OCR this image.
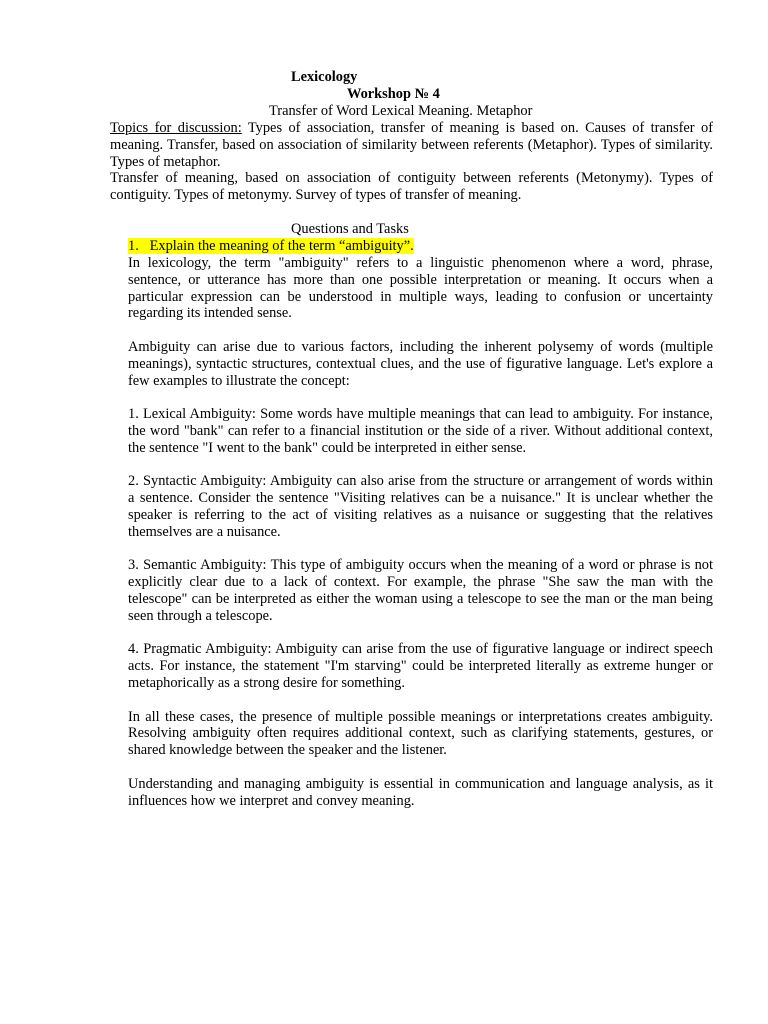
Lexicology
Workshop № 4
Transfer of Word Lexical Meaning. Metaphor

Topics for discussion: Types of association, transfer of meaning is based on. Causes of transfer of meaning. Transfer, based on association of similarity between referents (Metaphor). Types of similarity. Types of metaphor.

Transfer of meaning, based on association of contiguity between referents (Metonymy). Types of contiguity. Types of metonymy. Survey of types of transfer of meaning.

Questions and Tasks
1. Explain the meaning of the term “ambiguity”.

In lexicology, the term "ambiguity" refers to a linguistic phenomenon where a word, phrase, sentence, or utterance has more than one possible interpretation or meaning. It occurs when a particular expression can be understood in multiple ways, leading to confusion or uncertainty regarding its intended sense.

Ambiguity can arise due to various factors, including the inherent polysemy of words (multiple meanings), syntactic structures, contextual clues, and the use of figurative language. Let's explore a few examples to illustrate the concept:

1. Lexical Ambiguity: Some words have multiple meanings that can lead to ambiguity. For instance, the word "bank" can refer to a financial institution or the side of a river. Without additional context, the sentence "I went to the bank" could be interpreted in either sense.

2. Syntactic Ambiguity: Ambiguity can also arise from the structure or arrangement of words within a sentence. Consider the sentence "Visiting relatives can be a nuisance." It is unclear whether the speaker is referring to the act of visiting relatives as a nuisance or suggesting that the relatives themselves are a nuisance.

3. Semantic Ambiguity: This type of ambiguity occurs when the meaning of a word or phrase is not explicitly clear due to a lack of context. For example, the phrase "She saw the man with the telescope" can be interpreted as either the woman using a telescope to see the man or the man being seen through a telescope.

4. Pragmatic Ambiguity: Ambiguity can arise from the use of figurative language or indirect speech acts. For instance, the statement "I'm starving" could be interpreted literally as extreme hunger or metaphorically as a strong desire for something.

In all these cases, the presence of multiple possible meanings or interpretations creates ambiguity. Resolving ambiguity often requires additional context, such as clarifying statements, gestures, or shared knowledge between the speaker and the listener.

Understanding and managing ambiguity is essential in communication and language analysis, as it influences how we interpret and convey meaning.
